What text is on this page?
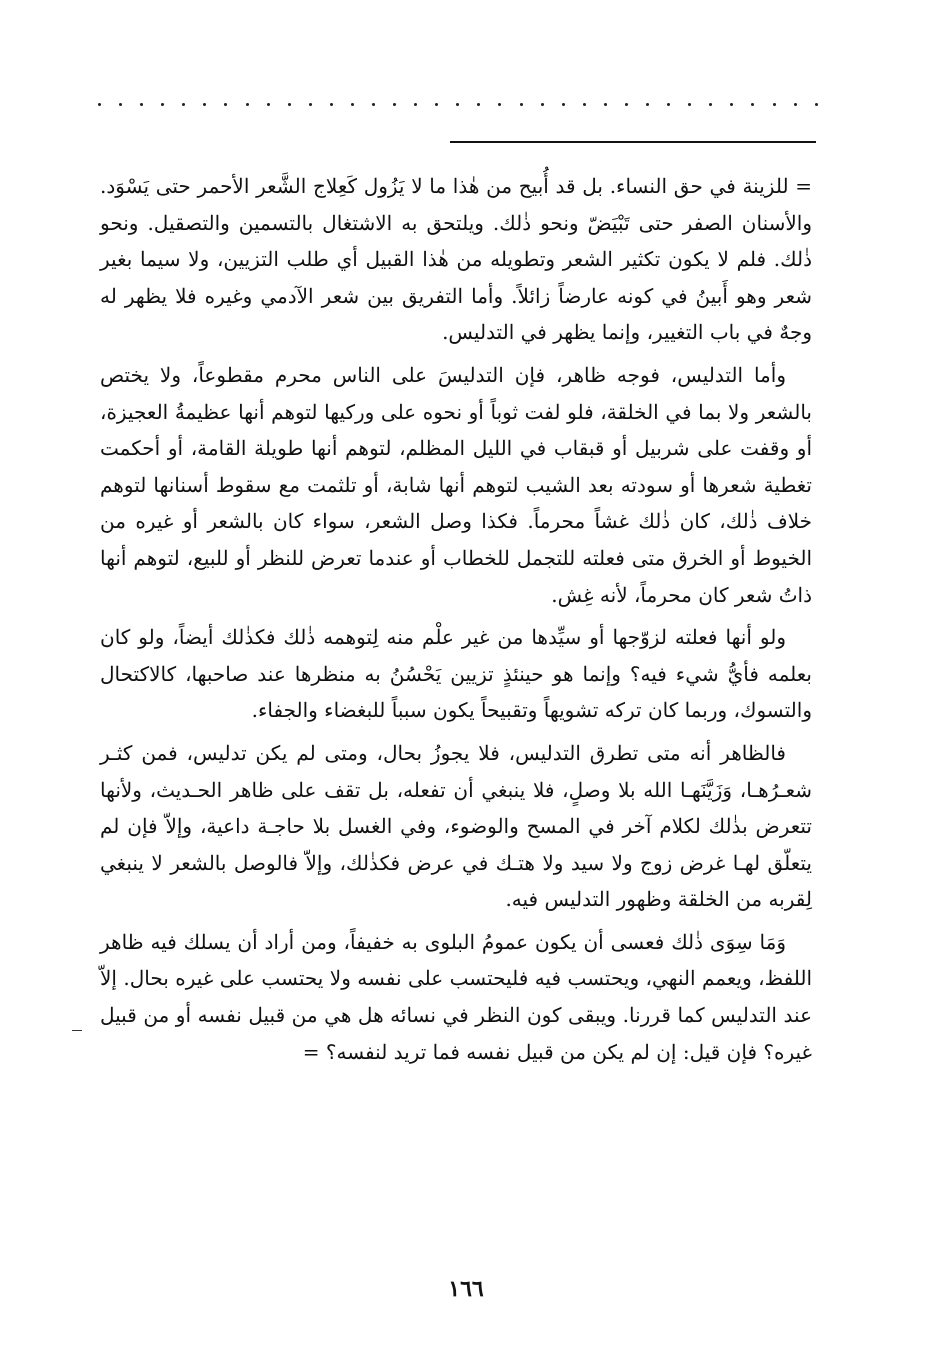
= للزينة في حق النساء. بل قد أُبيح من هٰذا ما لا يَزُول كَعِلاج الشَّعر الأحمر حتى يَسْوَد. والأسنان الصفر حتى تَبْيَضّ ونحو ذٰلك. ويلتحق به الاشتغال بالتسمين والتصقيل. ونحو ذٰلك. فلم لا يكون تكثير الشعر وتطويله من هٰذا القبيل أي طلب التزيين، ولا سيما بغير شعر وهو أَبينُ في كونه عارضاً زائلاً. وأما التفريق بين شعر الآدمي وغيره فلا يظهر له وجهٌ في باب التغيير، وإنما يظهر في التدليس.

وأما التدليس، فوجه ظاهر، فإن التدليسَ على الناس محرم مقطوعاً، ولا يختص بالشعر ولا بما في الخلقة، فلو لفت ثوباً أو نحوه على وركيها لتوهم أنها عظيمةُ العجيزة، أو وقفت على شربيل أو قبقاب في الليل المظلم، لتوهم أنها طويلة القامة، أو أحكمت تغطية شعرها أو سودته بعد الشيب لتوهم أنها شابة، أو تلثمت مع سقوط أسنانها لتوهم خلاف ذٰلك، كان ذٰلك غشاً محرماً. فكذا وصل الشعر، سواء كان بالشعر أو غيره من الخيوط أو الخرق متى فعلته للتجمل للخطاب أو عندما تعرض للنظر أو للبيع، لتوهم أنها ذاتُ شعر كان محرماً، لأنه غِش.

ولو أنها فعلته لزوّجها أو سيِّدها من غير علْم منه لِتوهمه ذٰلك فكذٰلك أيضاً، ولو كان بعلمه فأيُّ شيء فيه؟ وإنما هو حينئذٍ تزيين يَحْسُنُ به منظرها عند صاحبها، كالاكتحال والتسوك، وربما كان تركه تشويهاً وتقبيحاً يكون سبباً للبغضاء والجفاء.

فالظاهر أنه متى تطرق التدليس، فلا يجوزُ بحال، ومتى لم يكن تدليس، فمن كثـر شعـرُهـا، وَزَيَّنَهـا الله بلا وصلٍ، فلا ينبغي أن تفعله، بل تقف على ظاهر الحـديث، ولأنها تتعرض بذٰلك لكلام آخر في المسح والوضوء، وفي الغسل بلا حاجـة داعية، وإلاّ فإن لم يتعلّق لهـا غرض زوج ولا سيد ولا هتـك في عرض فكذٰلك، وإلاّ فالوصل بالشعر لا ينبغي لِقربه من الخلقة وظهور التدليس فيه.

وَمَا سِوَى ذٰلك فعسى أن يكون عمومُ البلوى به خفيفاً، ومن أراد أن يسلك فيه ظاهر اللفظ، ويعمم النهي، ويحتسب فيه فليحتسب على نفسه ولا يحتسب على غيره بحال. إلاّ عند التدليس كما قررنا. ويبقى كون النظر في نسائه هل هي من قبيل نفسه أو من قبيل غيره؟ فإن قيل: إن لم يكن من قبيل نفسه فما تريد لنفسه؟ =

١٦٦
